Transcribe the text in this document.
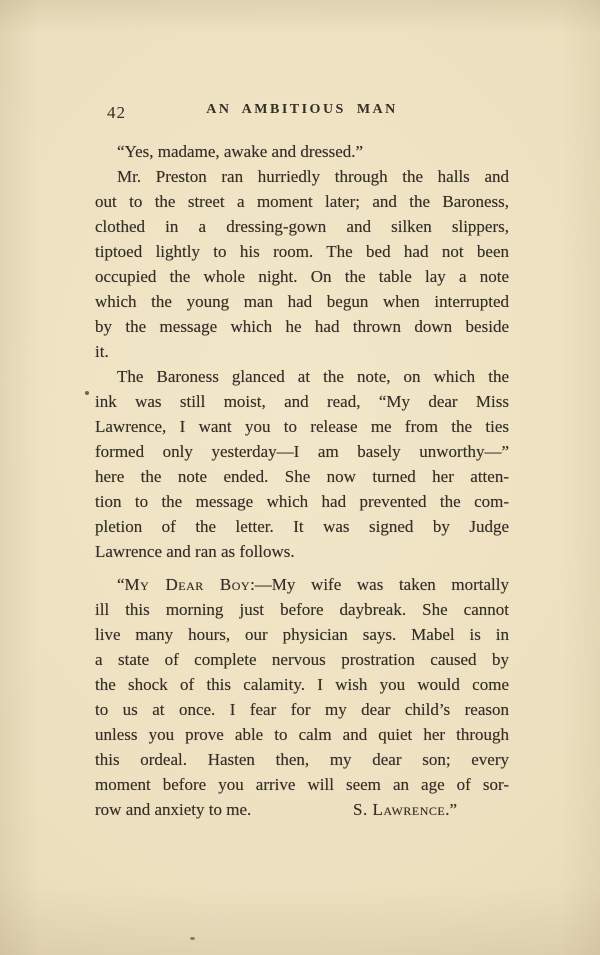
42	AN AMBITIOUS MAN
“Yes, madame, awake and dressed.”
Mr. Preston ran hurriedly through the halls and
out to the street a moment later; and the Baroness,
clothed in a dressing-gown and silken slippers,
tiptoed lightly to his room. The bed had not been
occupied the whole night. On the table lay a note
which the young man had begun when interrupted
by the message which he had thrown down beside
it.
The Baroness glanced at the note, on which the
ink was still moist, and read, “My dear Miss
Lawrence, I want you to release me from the ties
formed only yesterday—I am basely unworthy—”
here the note ended. She now turned her atten-
tion to the message which had prevented the com-
pletion of the letter. It was signed by Judge
Lawrence and ran as follows.
“My Dear Boy:—My wife was taken mortally
ill this morning just before daybreak. She cannot
live many hours, our physician says. Mabel is in
a state of complete nervous prostration caused by
the shock of this calamity. I wish you would come
to us at once. I fear for my dear child’s reason
unless you prove able to calm and quiet her through
this ordeal. Hasten then, my dear son; every
moment before you arrive will seem an age of sor-
row and anxiety to me.	S. Lawrence.”
